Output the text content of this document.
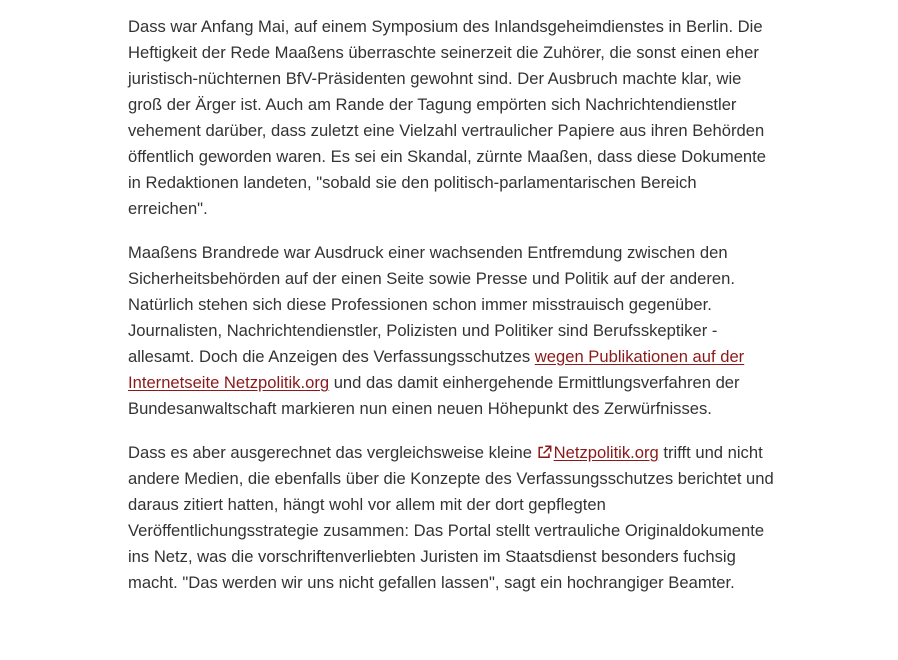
Dass war Anfang Mai, auf einem Symposium des Inlandsgeheimdienstes in Berlin. Die Heftigkeit der Rede Maaßens überraschte seinerzeit die Zuhörer, die sonst einen eher juristisch-nüchternen BfV-Präsidenten gewohnt sind. Der Ausbruch machte klar, wie groß der Ärger ist. Auch am Rande der Tagung empörten sich Nachrichtendienstler vehement darüber, dass zuletzt eine Vielzahl vertraulicher Papiere aus ihren Behörden öffentlich geworden waren. Es sei ein Skandal, zürnte Maaßen, dass diese Dokumente in Redaktionen landeten, "sobald sie den politisch-parlamentarischen Bereich erreichen".

Maaßens Brandrede war Ausdruck einer wachsenden Entfremdung zwischen den Sicherheitsbehörden auf der einen Seite sowie Presse und Politik auf der anderen. Natürlich stehen sich diese Professionen schon immer misstrauisch gegenüber. Journalisten, Nachrichtendienstler, Polizisten und Politiker sind Berufsskeptiker - allesamt. Doch die Anzeigen des Verfassungsschutzes wegen Publikationen auf der Internetseite Netzpolitik.org und das damit einhergehende Ermittlungsverfahren der Bundesanwaltschaft markieren nun einen neuen Höhepunkt des Zerwürfnisses.

Dass es aber ausgerechnet das vergleichsweise kleine Netzpolitik.org trifft und nicht andere Medien, die ebenfalls über die Konzepte des Verfassungsschutzes berichtet und daraus zitiert hatten, hängt wohl vor allem mit der dort gepflegten Veröffentlichungsstrategie zusammen: Das Portal stellt vertrauliche Originaldokumente ins Netz, was die vorschriftenverliebten Juristen im Staatsdienst besonders fuchsig macht. "Das werden wir uns nicht gefallen lassen", sagt ein hochrangiger Beamter.
